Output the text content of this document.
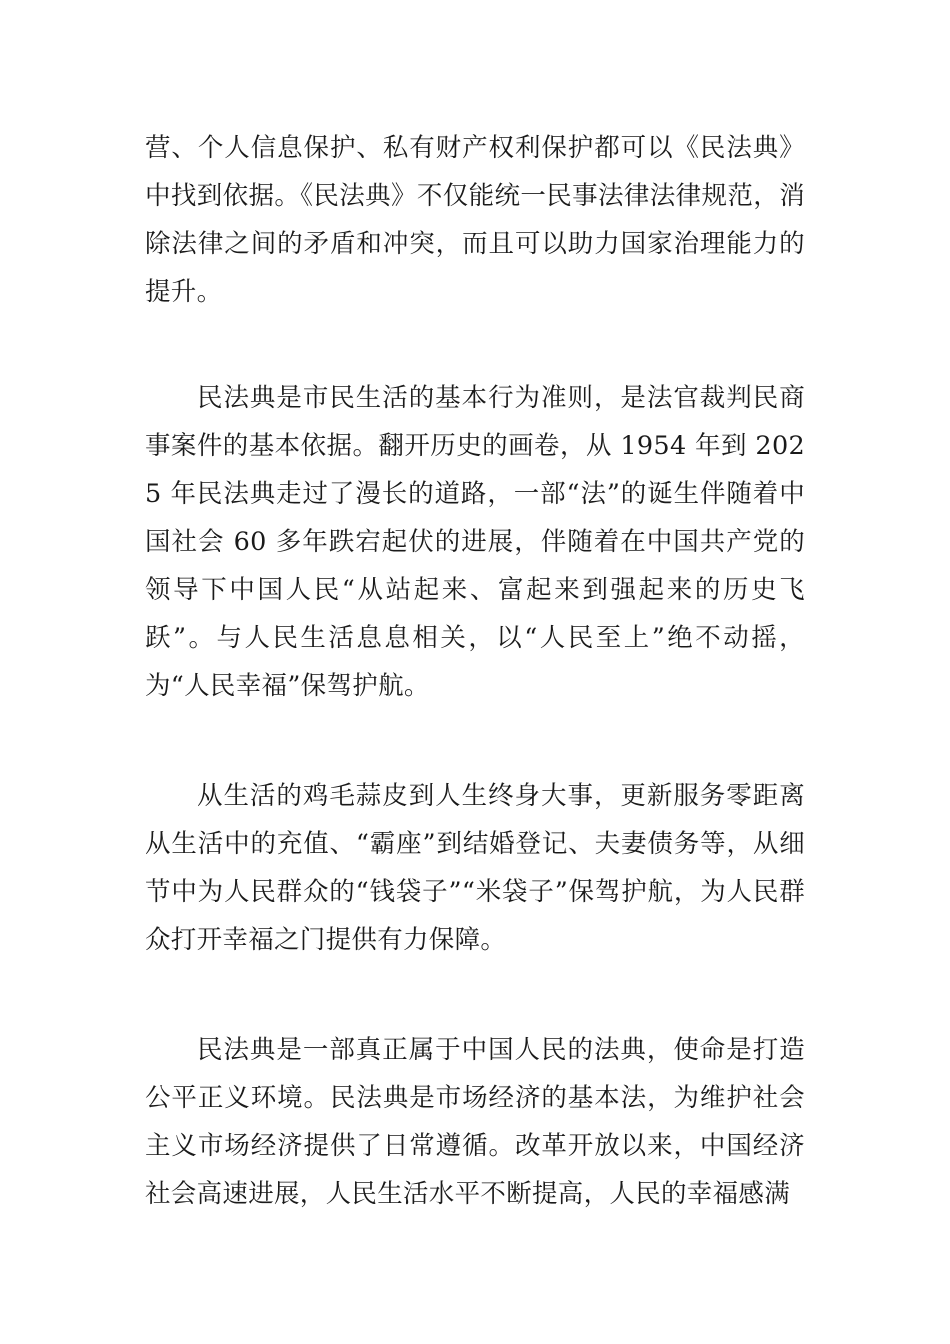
营、个人信息保护、私有财产权利保护都可以《民法典》中找到依据。《民法典》不仅能统一民事法律法律规范，消除法律之间的矛盾和冲突，而且可以助力国家治理能力的提升。

民法典是市民生活的基本行为准则，是法官裁判民商事案件的基本依据。翻开历史的画卷，从 1954 年到 2025 年民法典走过了漫长的道路，一部“法”的诞生伴随着中国社会 60 多年跌宕起伏的进展，伴随着在中国共产党的领导下中国人民“从站起来、富起来到强起来的历史飞跃”。与人民生活息息相关，以“人民至上”绝不动摇，为“人民幸福”保驾护航。

从生活的鸡毛蒜皮到人生终身大事，更新服务零距离从生活中的充值、“霸座”到结婚登记、夫妻债务等，从细节中为人民群众的“钱袋子”“米袋子”保驾护航，为人民群众打开幸福之门提供有力保障。

民法典是一部真正属于中国人民的法典，使命是打造公平正义环境。民法典是市场经济的基本法，为维护社会主义市场经济提供了日常遵循。改革开放以来，中国经济社会高速进展，人民生活水平不断提高，人民的幸福感满
